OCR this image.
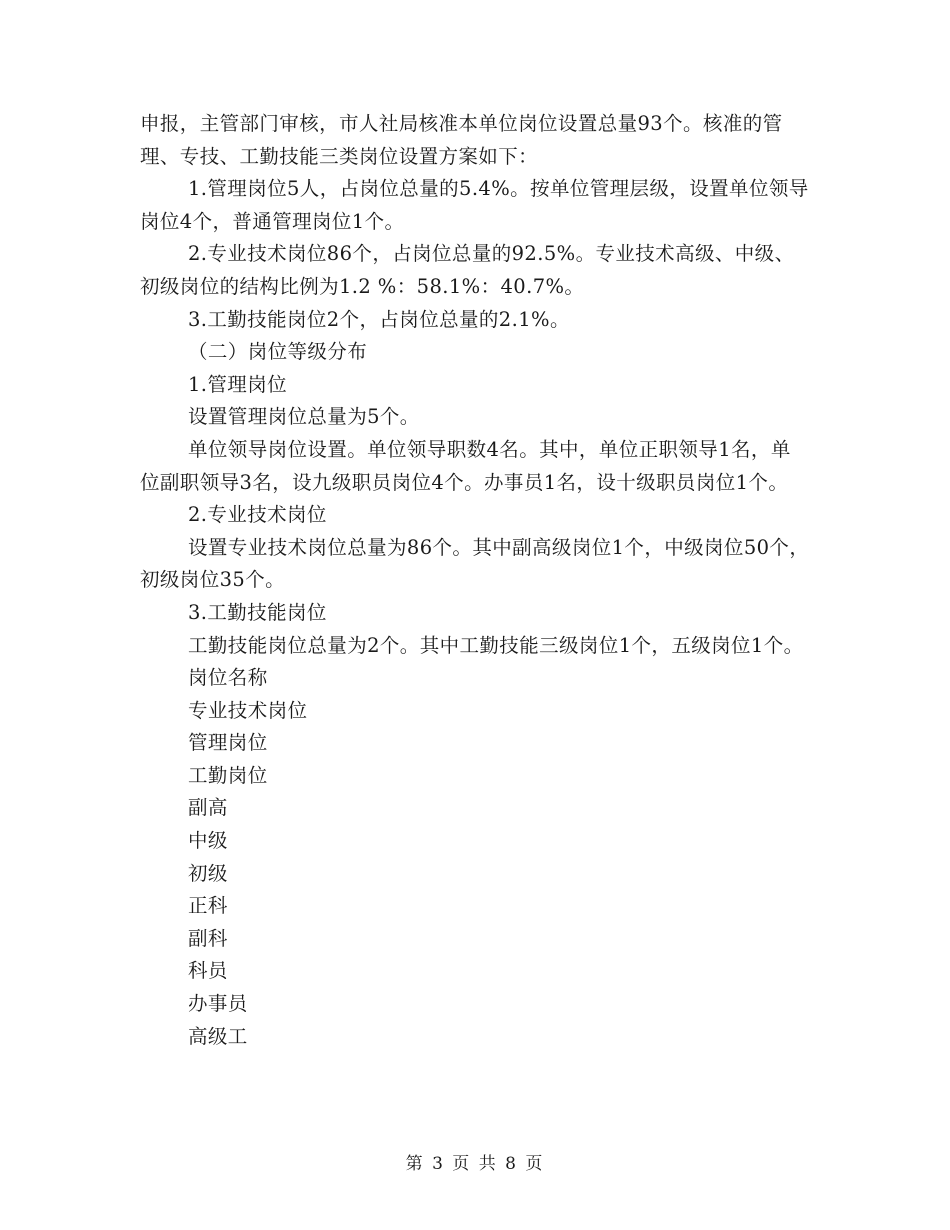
申报，主管部门审核，市人社局核准本单位岗位设置总量93个。核准的管理、专技、工勤技能三类岗位设置方案如下：

1.管理岗位5人，占岗位总量的5.4%。按单位管理层级，设置单位领导岗位4个，普通管理岗位1个。

2.专业技术岗位86个，占岗位总量的92.5%。专业技术高级、中级、初级岗位的结构比例为1.2 %：58.1%：40.7%。

3.工勤技能岗位2个，占岗位总量的2.1%。

（二）岗位等级分布

1.管理岗位

设置管理岗位总量为5个。

单位领导岗位设置。单位领导职数4名。其中，单位正职领导1名，单位副职领导3名，设九级职员岗位4个。办事员1名，设十级职员岗位1个。

2.专业技术岗位

设置专业技术岗位总量为86个。其中副高级岗位1个，中级岗位50个，初级岗位35个。

3.工勤技能岗位

工勤技能岗位总量为2个。其中工勤技能三级岗位1个，五级岗位1个。

岗位名称

专业技术岗位

管理岗位

工勤岗位

副高

中级

初级

正科

副科

科员

办事员

高级工

第 3 页 共 8 页
